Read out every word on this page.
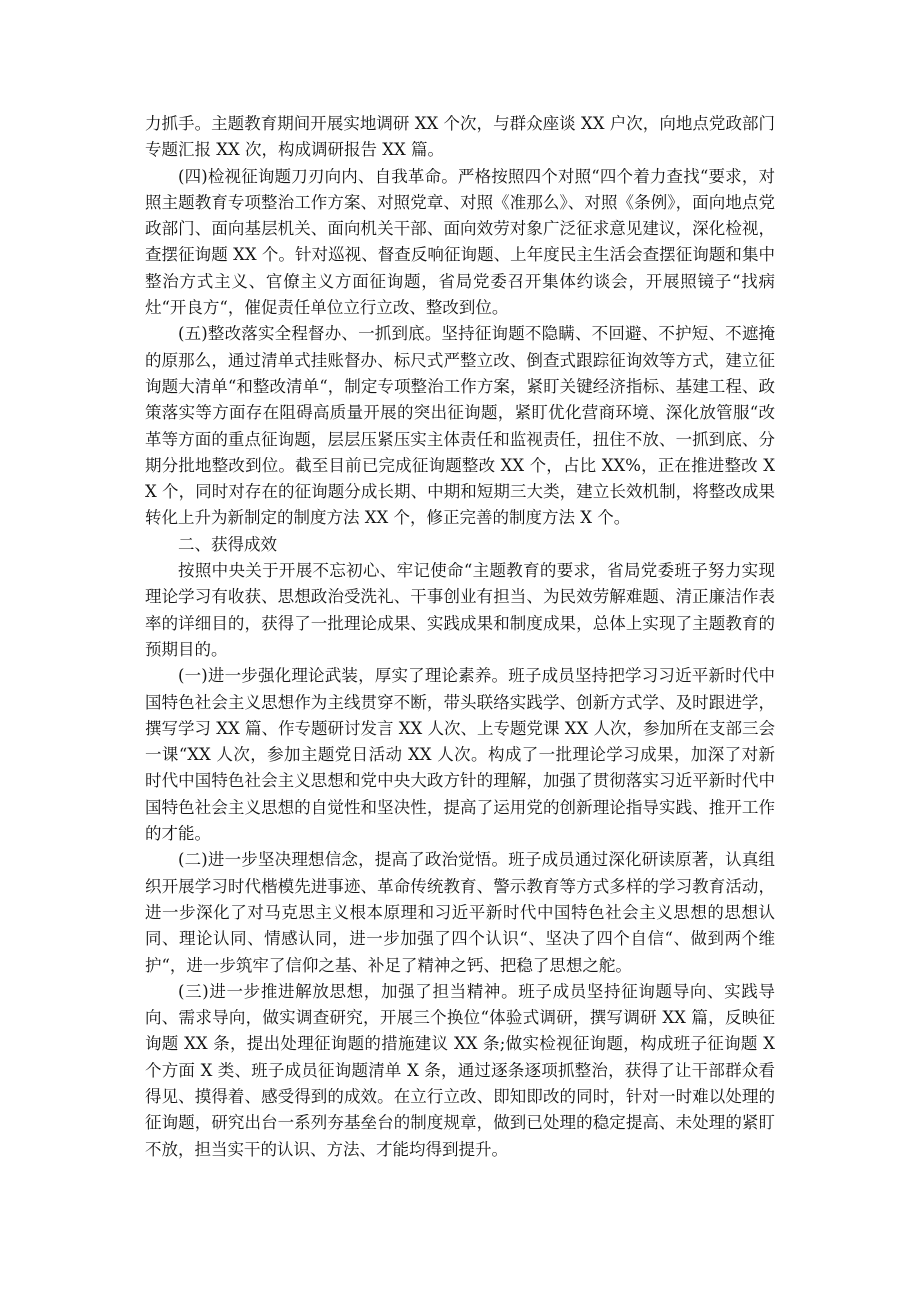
力抓手。主题教育期间开展实地调研 XX 个次，与群众座谈 XX 户次，向地点党政部门专题汇报 XX 次，构成调研报告 XX 篇。

(四)检视征询题刀刃向内、自我革命。严格按照四个对照“四个着力查找“要求，对照主题教育专项整治工作方案、对照党章、对照《准那么》、对照《条例》，面向地点党政部门、面向基层机关、面向机关干部、面向效劳对象广泛征求意见建议，深化检视，查摆征询题 XX 个。针对巡视、督查反响征询题、上年度民主生活会查摆征询题和集中整治方式主义、官僚主义方面征询题，省局党委召开集体约谈会，开展照镜子“找病灶“开良方“，催促责任单位立行立改、整改到位。

(五)整改落实全程督办、一抓到底。坚持征询题不隐瞒、不回避、不护短、不遮掩的原那么，通过清单式挂账督办、标尺式严整立改、倒查式跟踪征询效等方式，建立征询题大清单“和整改清单“，制定专项整治工作方案，紧盯关键经济指标、基建工程、政策落实等方面存在阻碍高质量开展的突出征询题，紧盯优化营商环境、深化放管服“改革等方面的重点征询题，层层压紧压实主体责任和监视责任，扭住不放、一抓到底、分期分批地整改到位。截至目前已完成征询题整改 XX 个，占比 XX%，正在推进整改 XX 个，同时对存在的征询题分成长期、中期和短期三大类，建立长效机制，将整改成果转化上升为新制定的制度方法 XX 个，修正完善的制度方法 X 个。

二、获得成效

按照中央关于开展不忘初心、牢记使命“主题教育的要求，省局党委班子努力实现理论学习有收获、思想政治受洗礼、干事创业有担当、为民效劳解难题、清正廉洁作表率的详细目的，获得了一批理论成果、实践成果和制度成果，总体上实现了主题教育的预期目的。

(一)进一步强化理论武装，厚实了理论素养。班子成员坚持把学习习近平新时代中国特色社会主义思想作为主线贯穿不断，带头联络实践学、创新方式学、及时跟进学，撰写学习 XX 篇、作专题研讨发言 XX 人次、上专题党课 XX 人次，参加所在支部三会一课“XX 人次，参加主题党日活动 XX 人次。构成了一批理论学习成果，加深了对新时代中国特色社会主义思想和党中央大政方针的理解，加强了贯彻落实习近平新时代中国特色社会主义思想的自觉性和坚决性，提高了运用党的创新理论指导实践、推开工作的才能。

(二)进一步坚决理想信念，提高了政治觉悟。班子成员通过深化研读原著，认真组织开展学习时代楷模先进事迹、革命传统教育、警示教育等方式多样的学习教育活动，进一步深化了对马克思主义根本原理和习近平新时代中国特色社会主义思想的思想认同、理论认同、情感认同，进一步加强了四个认识“、坚决了四个自信“、做到两个维护“，进一步筑牢了信仰之基、补足了精神之钙、把稳了思想之舵。

(三)进一步推进解放思想，加强了担当精神。班子成员坚持征询题导向、实践导向、需求导向，做实调查研究，开展三个换位“体验式调研，撰写调研 XX 篇，反映征询题 XX 条，提出处理征询题的措施建议 XX 条;做实检视征询题，构成班子征询题 X 个方面 X 类、班子成员征询题清单 X 条，通过逐条逐项抓整治，获得了让干部群众看得见、摸得着、感受得到的成效。在立行立改、即知即改的同时，针对一时难以处理的征询题，研究出台一系列夯基垒台的制度规章，做到已处理的稳定提高、未处理的紧盯不放，担当实干的认识、方法、才能均得到提升。
